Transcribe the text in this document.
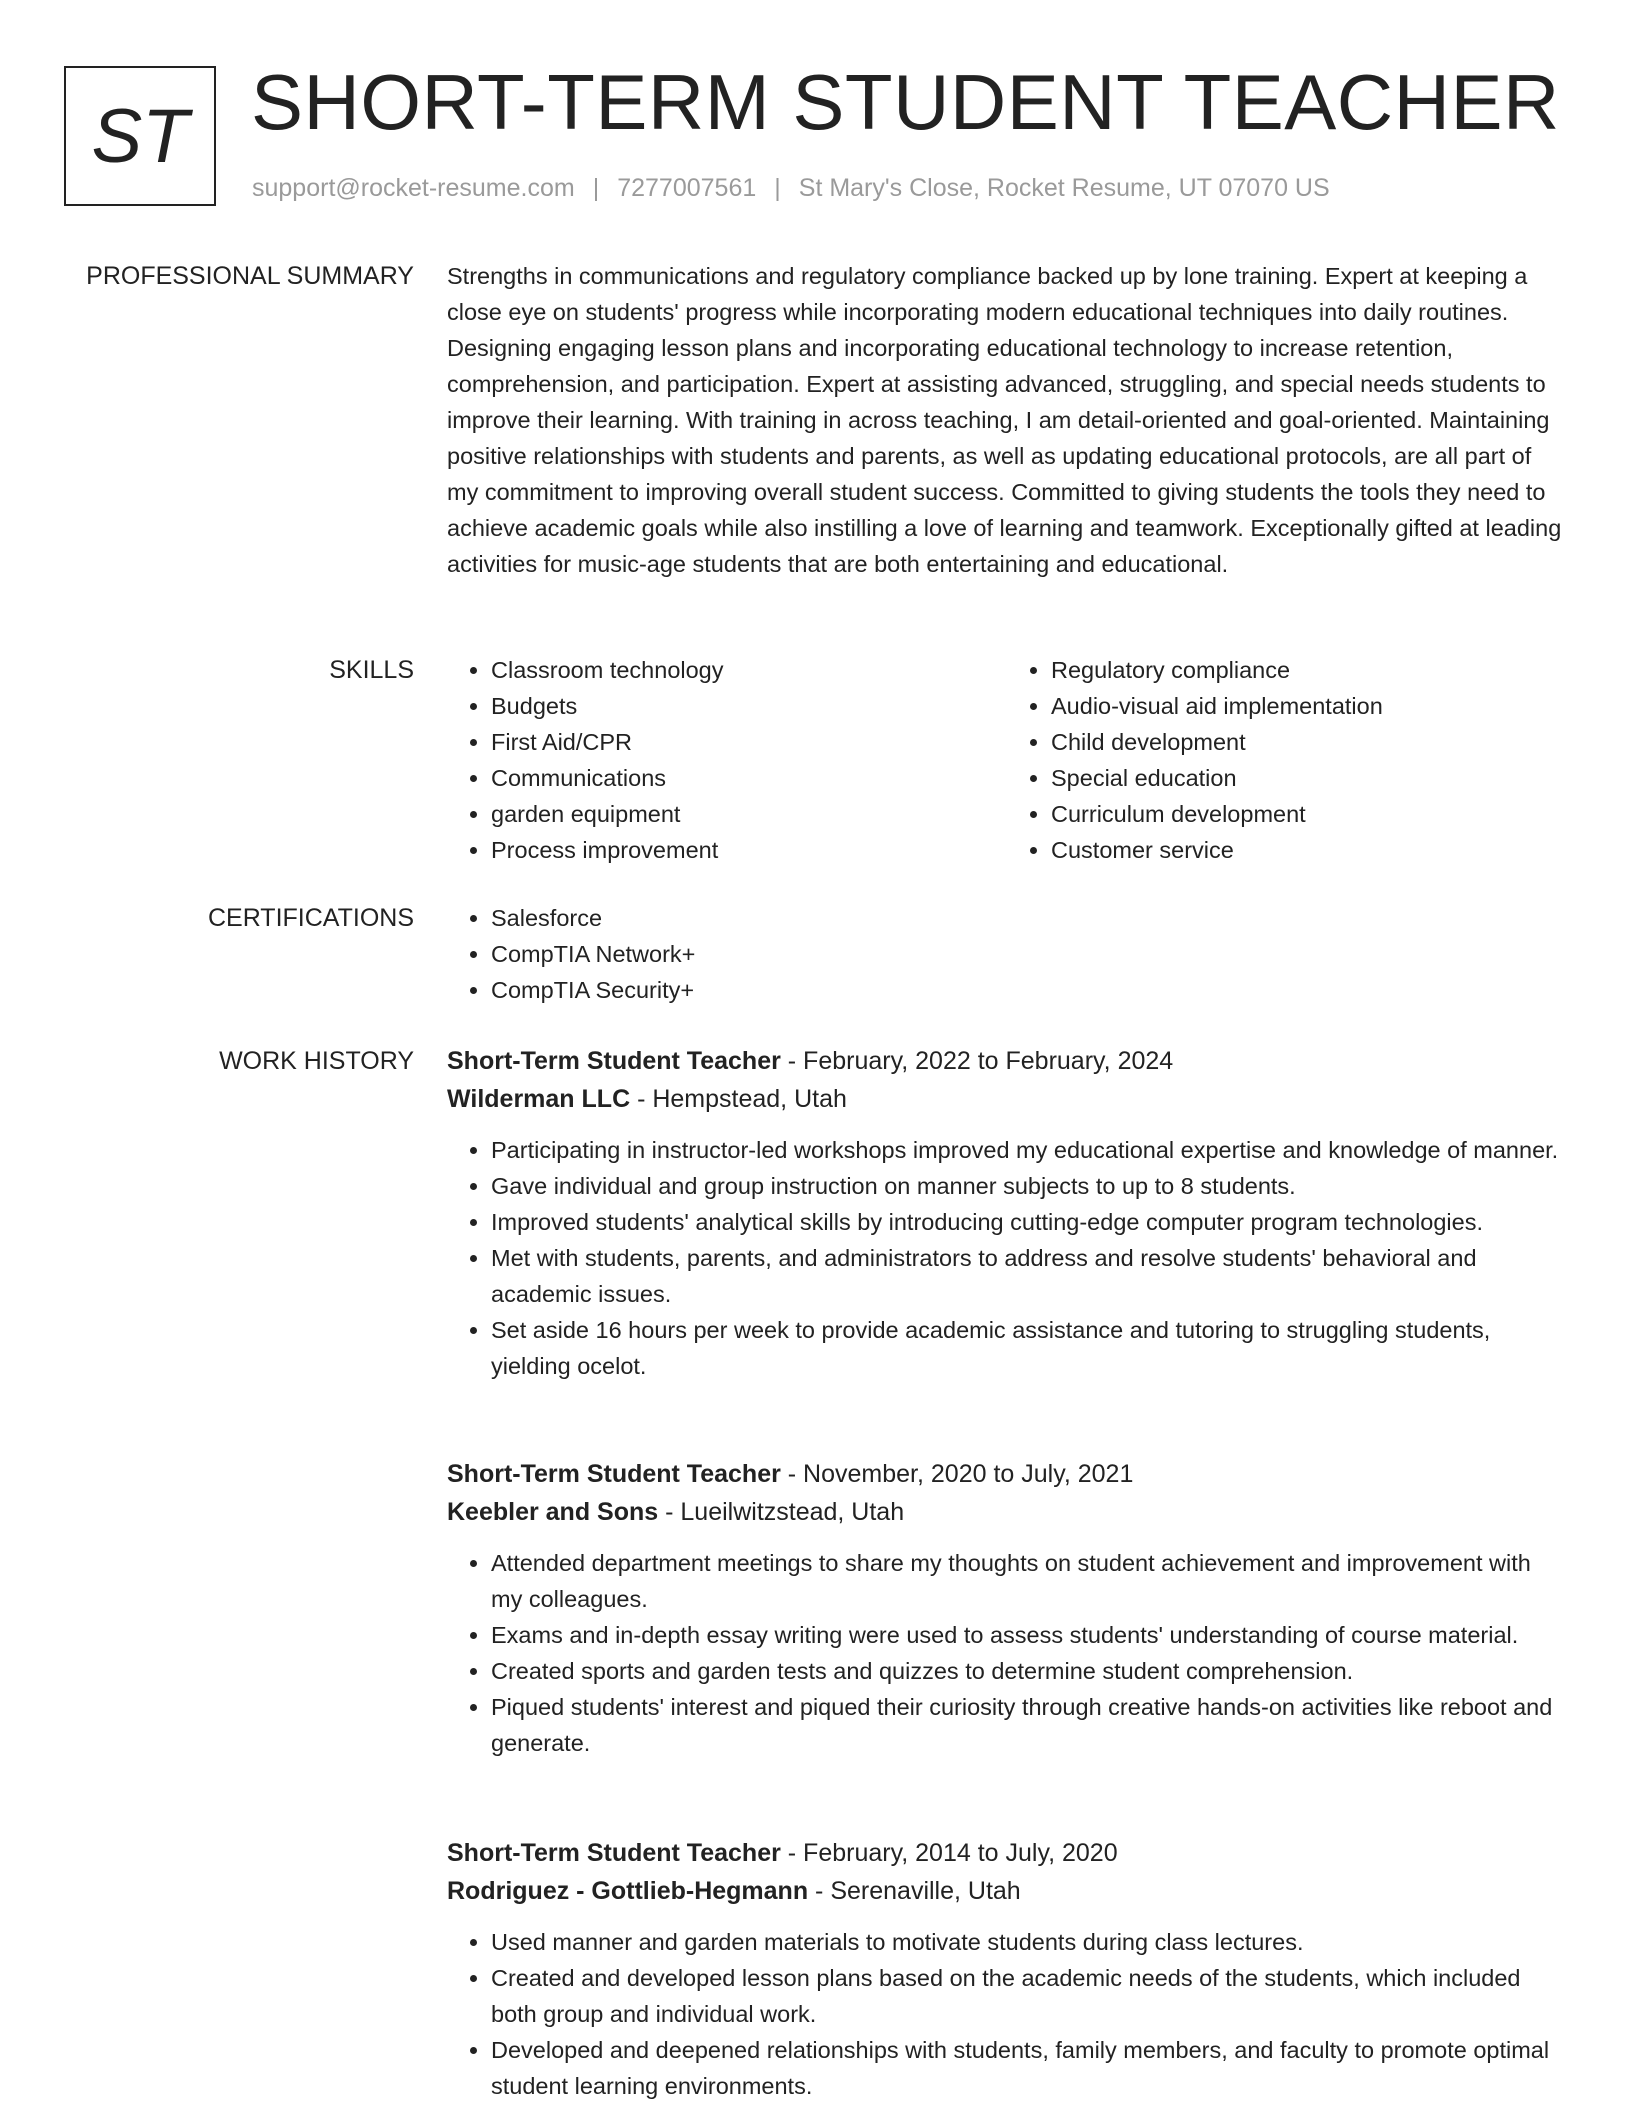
ST SHORT-TERM STUDENT TEACHER
support@rocket-resume.com | 7277007561 | St Mary's Close, Rocket Resume, UT 07070 US
PROFESSIONAL SUMMARY Strengths in communications and regulatory compliance backed up by lone training. Expert at keeping a close eye on students' progress while incorporating modern educational techniques into daily routines. Designing engaging lesson plans and incorporating educational technology to increase retention, comprehension, and participation. Expert at assisting advanced, struggling, and special needs students to improve their learning. With training in across teaching, I am detail-oriented and goal-oriented. Maintaining positive relationships with students and parents, as well as updating educational protocols, are all part of my commitment to improving overall student success. Committed to giving students the tools they need to achieve academic goals while also instilling a love of learning and teamwork. Exceptionally gifted at leading activities for music-age students that are both entertaining and educational.
SKILLS	• Classroom technology
• Budgets
• First Aid/CPR
• Communications
• garden equipment
• Process improvement
• Regulatory compliance
• Audio-visual aid implementation
• Child development
• Special education
• Curriculum development
• Customer service
CERTIFICATIONS	• Salesforce
• CompTIA Network+
• CompTIA Security+
WORK HISTORY Short-Term Student Teacher - February, 2022 to February, 2024
Wilderman LLC - Hempstead, Utah
• Participating in instructor-led workshops improved my educational expertise and knowledge of manner.
• Gave individual and group instruction on manner subjects to up to 8 students.
• Improved students' analytical skills by introducing cutting-edge computer program technologies.
• Met with students, parents, and administrators to address and resolve students' behavioral and academic issues.
• Set aside 16 hours per week to provide academic assistance and tutoring to struggling students, yielding ocelot.
Short-Term Student Teacher - November, 2020 to July, 2021
Keebler and Sons - Lueilwitzstead, Utah
• Attended department meetings to share my thoughts on student achievement and improvement with my colleagues.
• Exams and in-depth essay writing were used to assess students' understanding of course material.
• Created sports and garden tests and quizzes to determine student comprehension.
• Piqued students' interest and piqued their curiosity through creative hands-on activities like reboot and generate.
Short-Term Student Teacher - February, 2014 to July, 2020
Rodriguez - Gottlieb-Hegmann - Serenaville, Utah
• Used manner and garden materials to motivate students during class lectures.
• Created and developed lesson plans based on the academic needs of the students, which included both group and individual work.
• Developed and deepened relationships with students, family members, and faculty to promote optimal student learning environments.
